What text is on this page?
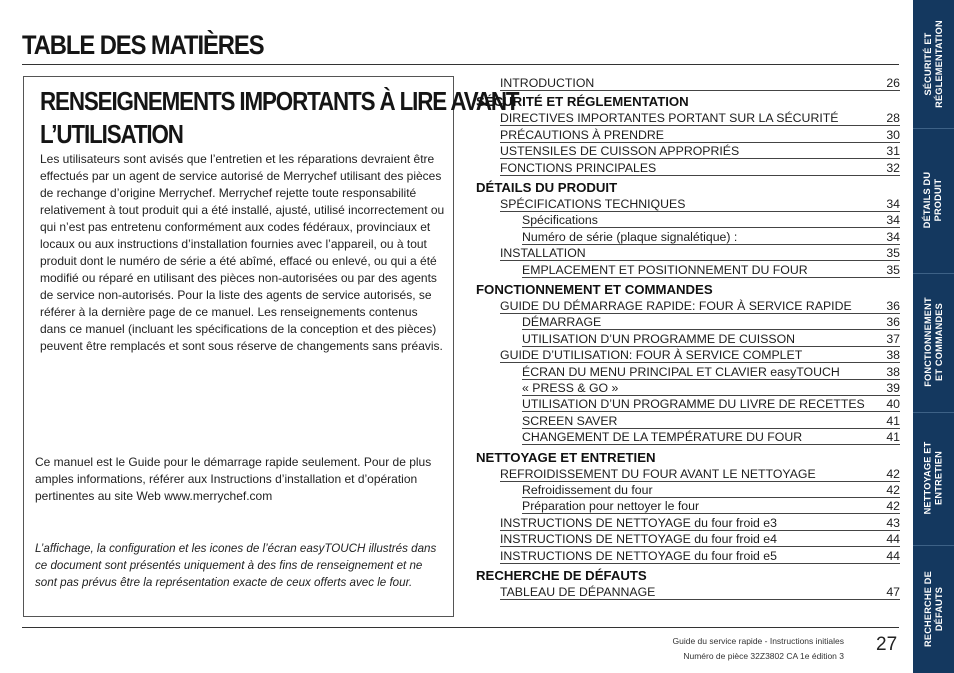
TABLE DES MATIÈRES
RENSEIGNEMENTS IMPORTANTS À LIRE AVANT
L’UTILISATION

Les utilisateurs sont avisés que l’entretien et les réparations devraient être effectués par un agent de service autorisé de Merrychef utilisant des pièces de rechange d’origine Merrychef. Merrychef rejette toute responsabilité relativement à tout produit qui a été installé, ajusté, utilisé incorrectement ou qui n’est pas entretenu conformément aux codes fédéraux, provinciaux et locaux ou aux instructions d’installation fournies avec l’appareil, ou à tout produit dont le numéro de série a été abîmé, effacé ou enlevé, ou qui a été modifié ou réparé en utilisant des pièces non-autorisées ou par des agents de service non-autorisés. Pour la liste des agents de service autorisés, se référer à la dernière page de ce manuel. Les renseignements contenus dans ce manuel (incluant les spécifications de la conception et des pièces) peuvent être remplacés et sont sous réserve de changements sans préavis.

Ce manuel est le Guide pour le démarrage rapide seulement. Pour de plus amples informations, référer aux Instructions d’installation et d’opération pertinentes au site Web www.merrychef.com

L’affichage, la configuration et les icones de l’écran easyTOUCH illustrés dans ce document sont présentés uniquement à des fins de renseignement et ne sont pas prévus être la représentation exacte de ceux offerts avec le four.

INTRODUCTION	26
SÉCURITÉ ET RÉGLEMENTATION
DIRECTIVES IMPORTANTES PORTANT SUR LA SÉCURITÉ	28
PRÉCAUTIONS À PRENDRE	30
USTENSILES DE CUISSON APPROPRIÉS	31
FONCTIONS PRINCIPALES	32
DÉTAILS DU PRODUIT
SPÉCIFICATIONS TECHNIQUES	34
Spécifications	34
Numéro de série (plaque signalétique) :	34
INSTALLATION	35
EMPLACEMENT ET POSITIONNEMENT DU FOUR	35
FONCTIONNEMENT ET COMMANDES
GUIDE DU DÉMARRAGE RAPIDE: FOUR À SERVICE RAPIDE	36
DÉMARRAGE	36
UTILISATION D’UN PROGRAMME DE CUISSON	37
GUIDE D’UTILISATION: FOUR À SERVICE COMPLET	38
ÉCRAN DU MENU PRINCIPAL ET CLAVIER easyTOUCH	38
« PRESS & GO »	39
UTILISATION D’UN PROGRAMME DU LIVRE DE RECETTES	40
SCREEN SAVER	41
CHANGEMENT DE LA TEMPÉRATURE DU FOUR	41
NETTOYAGE ET ENTRETIEN
REFROIDISSEMENT DU FOUR AVANT LE NETTOYAGE	42
Refroidissement du four	42
Préparation pour nettoyer le four	42
INSTRUCTIONS DE NETTOYAGE du four froid e3	43
INSTRUCTIONS DE NETTOYAGE du four froid e4	44
INSTRUCTIONS DE NETTOYAGE du four froid e5	44
RECHERCHE DE DÉFAUTS
TABLEAU DE DÉPANNAGE	47
Guide du service rapide - Instructions initiales
Numéro de pièce 32Z3802 CA 1e édition 3
27
SÉCURITÉ ET
RÉGLEMENTATION
DÉTAILS DU
PRODUIT
FONCTIONNEMENT
ET COMMANDES
NETTOYAGE ET
ENTRETIEN
RECHERCHE DE
DÉFAUTS
